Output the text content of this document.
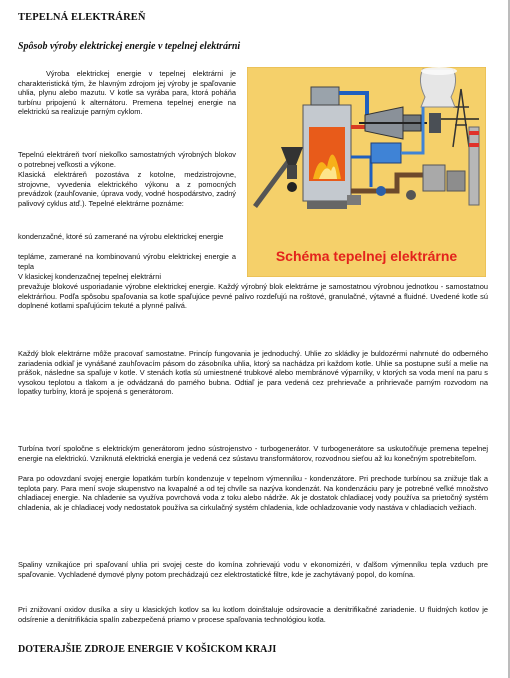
TEPELNÁ ELEKTRÁREŇ
Spôsob výroby elektrickej energie v tepelnej elektrárni

Výroba elektrickej energie v tepelnej elektrárni je charakteristická tým, že hlavným zdrojom jej výroby je spaľovanie uhlia, plynu alebo mazutu. V kotle sa vyrába para, ktorá poháňa turbínu pripojenú k alternátoru. Premena tepelnej energie na elektrickú sa realizuje parným cyklom.

Tepelnú elektráreň tvorí niekoľko samostatných výrobných blokov o potrebnej veľkosti a výkone.

Klasická elektráreň pozostáva z kotolne, medzistrojovne, strojovne, vyvedenia elektrického výkonu a z pomocných prevádzok (zauhľovanie, úprava vody, vodné hospodárstvo, zadný palivový cyklus atď.). Tepelné elektrárne poznáme:

kondenzačné, ktoré sú zamerané na výrobu elektrickej energie

tepláme, zamerané na kombinovanú výrobu elektrickej energie a tepla

V klasickej kondenzačnej tepelnej elektrárni

prevažuje blokové usporiadanie výrobne elektrickej energie. Každý výrobný blok elektrárne je samostatnou výrobnou jednotkou - samostatnou elektrárňou. Podľa spôsobu spaľovania sa kotle spaľujúce pevné palivo rozdeľujú na roštové, granulačné, výtavné a fluidné. Uvedené kotle sú doplnené kotlami spaľujúcim tekuté a plynné palivá.

Každý blok elektrárne môže pracovať samostatne. Princíp fungovania je jednoduchý. Uhlie zo skládky je buldozérmi nahrnuté do odberného zariadenia odkiaľ je vynášané zauhľovacím pásom do zásobníka uhlia, ktorý sa nachádza pri každom kotle. Uhlie sa postupne suší a melie na prášok, následne sa spaľuje v kotle. V stenách kotla sú umiestnené trubkové alebo membránové výparníky, v ktorých sa voda mení na paru s vysokou teplotou a tlakom a je odvádzaná do parného bubna. Odtiaľ je para vedená cez prehrievače a prihrievače parným rozvodom na lopatky turbíny, ktorá je spojená s generátorom.

Turbína tvorí spoločne s elektrickým generátorom jedno sústrojenstvo - turbogenerátor. V turbogenerátore sa uskutočňuje premena tepelnej energie na elektrickú. Vzniknutá elektrická energia je vedená cez sústavu transformátorov, rozvodnou sieťou až ku konečným spotrebiteľom.

Para po odovzdaní svojej energie lopatkám turbín kondenzuje v tepelnom výmenníku - kondenzátore. Pri prechode turbínou sa znižuje tlak a teplota pary. Para mení svoje skupenstvo na kvapalné a od tej chvíle sa nazýva kondenzát. Na kondenzáciu pary je potrebné veľké množstvo chladiacej energie. Na chladenie sa využíva povrchová voda z toku alebo nádrže. Ak je dostatok chladiacej vody používa sa prietočný systém chladenia, ak je chladiacej vody nedostatok používa sa cirkulačný systém chladenia, kde ochladzovanie vody nastáva v chladiacich vežiach.

Spaliny vznikajúce pri spaľovaní uhlia pri svojej ceste do komína zohrievajú vodu v ekonomizéri, v ďalšom výmenníku tepla vzduch pre spaľovanie. Vychladené dymové plyny potom prechádzajú cez elektrostatické filtre, kde je zachytávaný popol, do komína.

Pri znižovaní oxidov dusíka a síry u klasických kotlov sa ku kotlom doinštaluje odsirovacie a denitrifikačné zariadenie. U fluidných kotlov je odsírenie a denitrifikácia spalín zabezpečená priamo v procese spaľovania technológiou kotla.

DOTERAJŠIE ZDROJE ENERGIE V KOŠICKOM KRAJI
Schéma tepelnej elektrárne
